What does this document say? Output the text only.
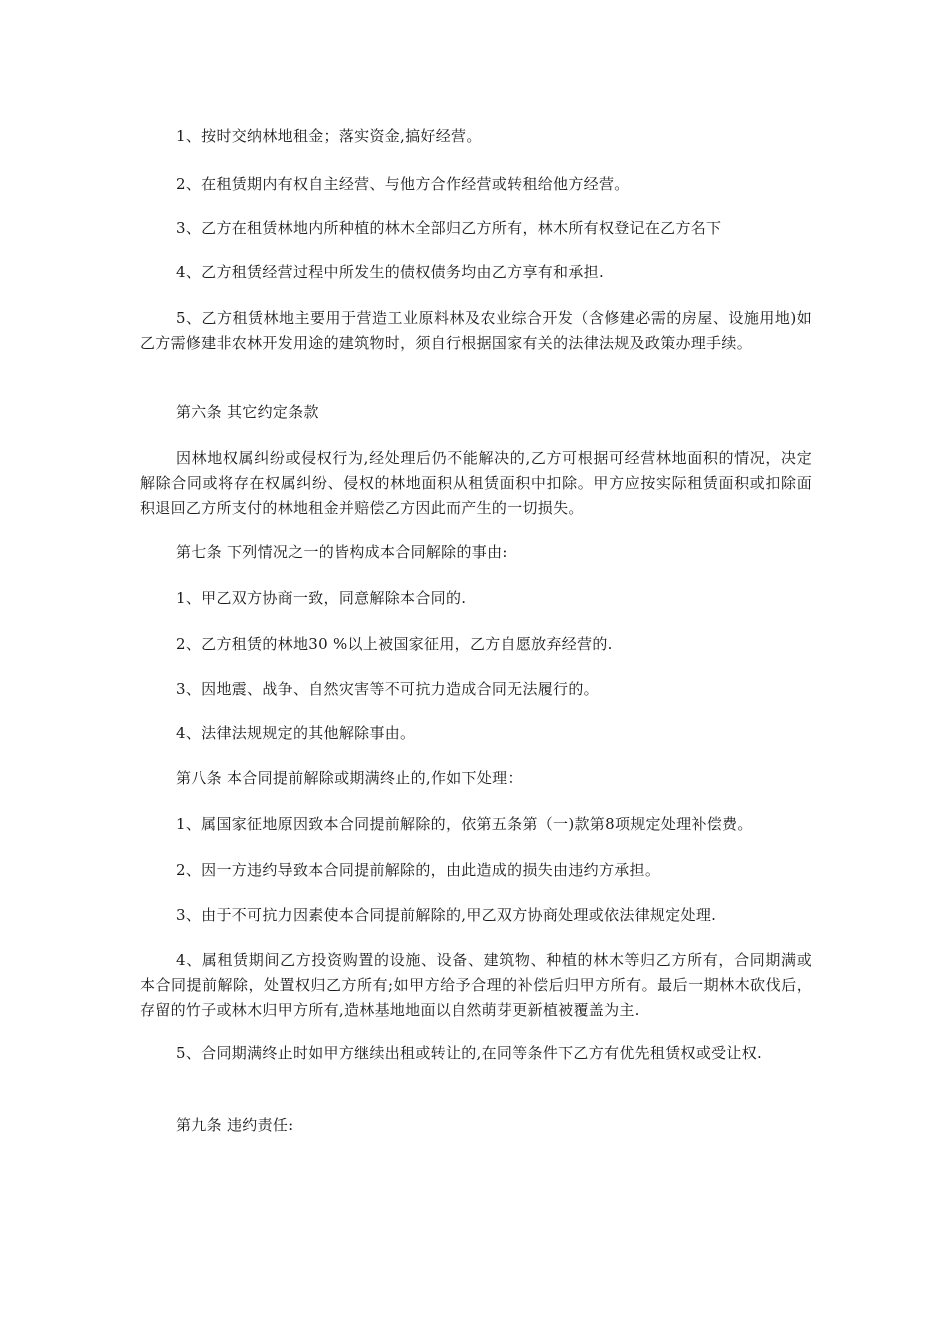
1、按时交纳林地租金；落实资金,搞好经营。

2、在租赁期内有权自主经营、与他方合作经营或转租给他方经营。

3、乙方在租赁林地内所种植的林木全部归乙方所有，林木所有权登记在乙方名下

4、乙方租赁经营过程中所发生的债权债务均由乙方享有和承担.

5、乙方租赁林地主要用于营造工业原料林及农业综合开发（含修建必需的房屋、设施用地)如乙方需修建非农林开发用途的建筑物时，须自行根据国家有关的法律法规及政策办理手续。

第六条 其它约定条款

因林地权属纠纷或侵权行为,经处理后仍不能解决的,乙方可根据可经营林地面积的情况，决定解除合同或将存在权属纠纷、侵权的林地面积从租赁面积中扣除。甲方应按实际租赁面积或扣除面积退回乙方所支付的林地租金并赔偿乙方因此而产生的一切损失。

第七条 下列情况之一的皆构成本合同解除的事由:

1、甲乙双方协商一致，同意解除本合同的.

2、乙方租赁的林地30 %以上被国家征用，乙方自愿放弃经营的.

3、因地震、战争、自然灾害等不可抗力造成合同无法履行的。

4、法律法规规定的其他解除事由。

第八条 本合同提前解除或期满终止的,作如下处理：

1、属国家征地原因致本合同提前解除的，依第五条第（一)款第8项规定处理补偿费。

2、因一方违约导致本合同提前解除的，由此造成的损失由违约方承担。

3、由于不可抗力因素使本合同提前解除的,甲乙双方协商处理或依法律规定处理.

4、属租赁期间乙方投资购置的设施、设备、建筑物、种植的林木等归乙方所有，合同期满或本合同提前解除，处置权归乙方所有;如甲方给予合理的补偿后归甲方所有。最后一期林木砍伐后，存留的竹子或林木归甲方所有,造林基地地面以自然萌芽更新植被覆盖为主.

5、合同期满终止时如甲方继续出租或转让的,在同等条件下乙方有优先租赁权或受让权.

第九条 违约责任:
